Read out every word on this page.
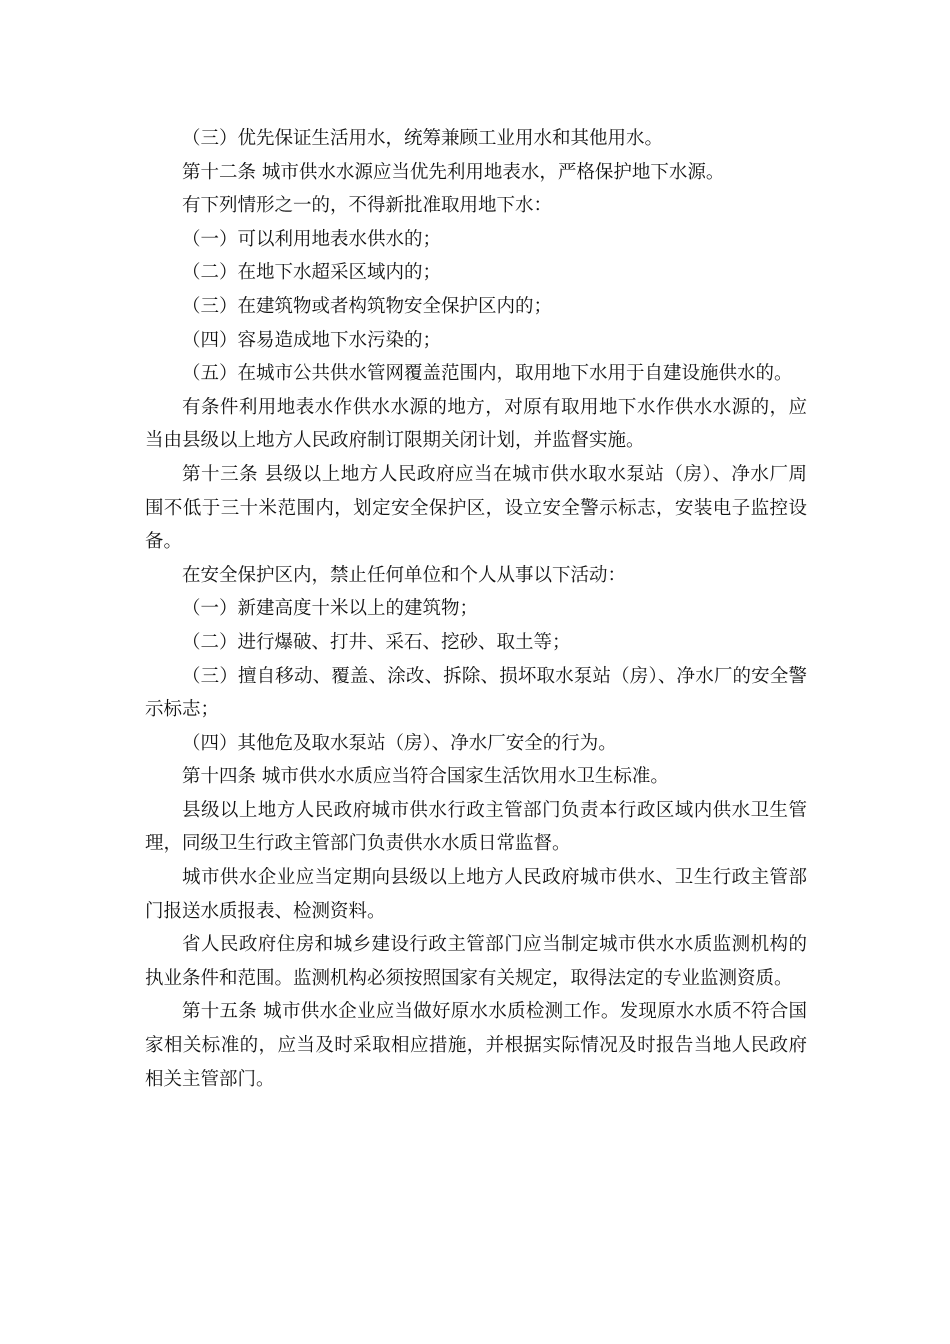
（三）优先保证生活用水，统筹兼顾工业用水和其他用水。

第十二条 城市供水水源应当优先利用地表水，严格保护地下水源。

有下列情形之一的，不得新批准取用地下水：

（一）可以利用地表水供水的；

（二）在地下水超采区域内的；

（三）在建筑物或者构筑物安全保护区内的；

（四）容易造成地下水污染的；

（五）在城市公共供水管网覆盖范围内，取用地下水用于自建设施供水的。

有条件利用地表水作供水水源的地方，对原有取用地下水作供水水源的，应当由县级以上地方人民政府制订限期关闭计划，并监督实施。

第十三条 县级以上地方人民政府应当在城市供水取水泵站（房）、净水厂周围不低于三十米范围内，划定安全保护区，设立安全警示标志，安装电子监控设备。

在安全保护区内，禁止任何单位和个人从事以下活动：

（一）新建高度十米以上的建筑物；

（二）进行爆破、打井、采石、挖砂、取土等；

（三）擅自移动、覆盖、涂改、拆除、损坏取水泵站（房）、净水厂的安全警示标志；

（四）其他危及取水泵站（房）、净水厂安全的行为。

第十四条 城市供水水质应当符合国家生活饮用水卫生标准。

县级以上地方人民政府城市供水行政主管部门负责本行政区域内供水卫生管理，同级卫生行政主管部门负责供水水质日常监督。

城市供水企业应当定期向县级以上地方人民政府城市供水、卫生行政主管部门报送水质报表、检测资料。

省人民政府住房和城乡建设行政主管部门应当制定城市供水水质监测机构的执业条件和范围。监测机构必须按照国家有关规定，取得法定的专业监测资质。

第十五条 城市供水企业应当做好原水水质检测工作。发现原水水质不符合国家相关标准的，应当及时采取相应措施，并根据实际情况及时报告当地人民政府相关主管部门。
